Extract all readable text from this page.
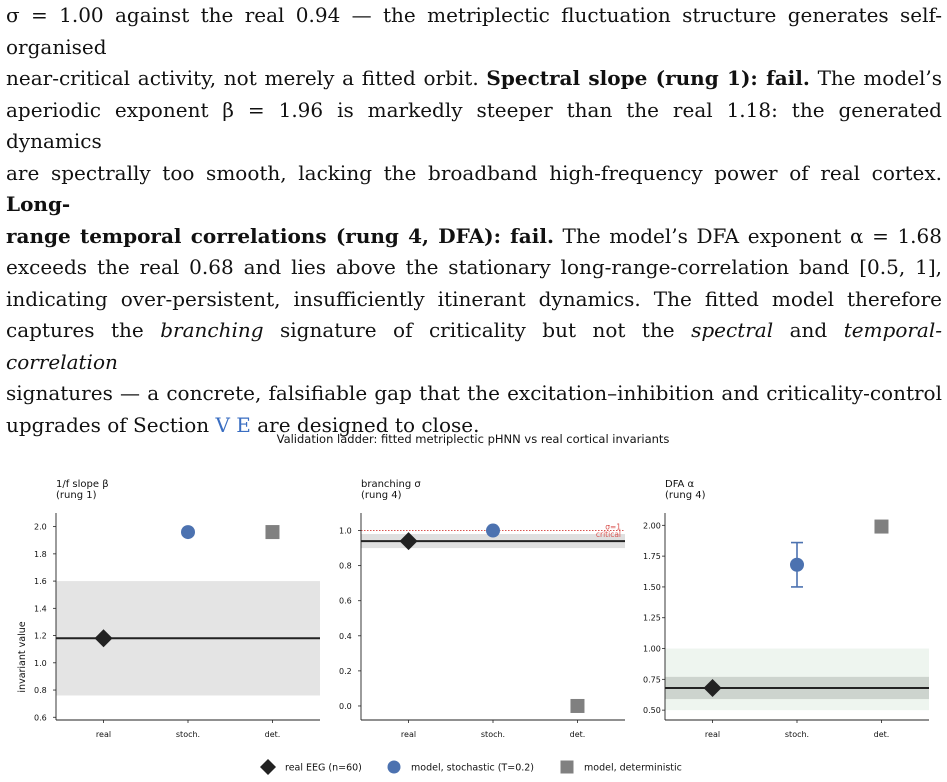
σ = 1.00 against the real 0.94 — the metriplectic fluctuation structure generates self-organised
near-critical activity, not merely a fitted orbit. Spectral slope (rung 1): fail. The model’s
aperiodic exponent β = 1.96 is markedly steeper than the real 1.18: the generated dynamics
are spectrally too smooth, lacking the broadband high-frequency power of real cortex. Long-
range temporal correlations (rung 4, DFA): fail. The model’s DFA exponent α = 1.68
exceeds the real 0.68 and lies above the stationary long-range-correlation band [0.5, 1],
indicating over-persistent, insufficiently itinerant dynamics. The fitted model therefore
captures the branching signature of criticality but not the spectral and temporal-correlation
signatures — a concrete, falsifiable gap that the excitation–inhibition and criticality-control
upgrades of Section V E are designed to close.
Validation ladder: fitted metriplectic pHNN vs real cortical invariants
invariant value
1/f slope β
(rung 1)
0.6
0.8
1.0
1.2
1.4
1.6
1.8
2.0
real	stoch.	det.
branching σ
(rung 4)
σ=1
critical
0.0
0.2
0.4
0.6
0.8
1.0
real	stoch.	det.
DFA α
(rung 4)
0.50
0.75
1.00
1.25
1.50
1.75
2.00
real	stoch.	det.
real EEG (n=60)	model, stochastic (T=0.2)	model, deterministic
